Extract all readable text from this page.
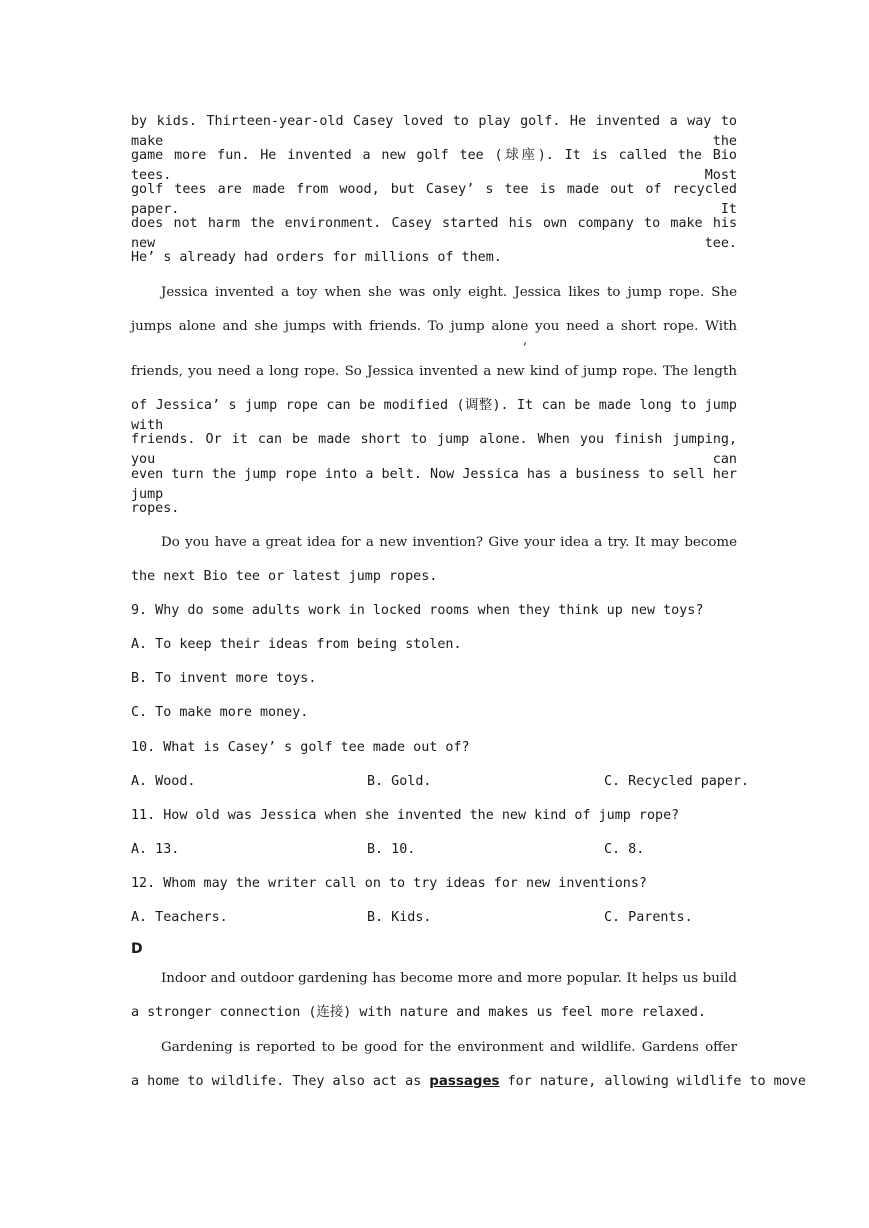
by kids. Thirteen-year-old Casey loved to play golf. He invented a way to make the
game more fun. He invented a new golf tee (球座). It is called the Bio tees. Most
golf tees are made from wood, but Casey’ s tee is made out of recycled paper. It
does not harm the environment. Casey started his own company to make his new tee.
He’ s already had orders for millions of them.
Jessica invented a toy when she was only eight. Jessica likes to jump rope. She
jumps alone and she jumps with friends. To jump alone you need a short rope. With
,
friends, you need a long rope. So Jessica invented a new kind of jump rope. The length
of Jessica’ s jump rope can be modified (调整). It can be made long to jump with
friends. Or it can be made short to jump alone. When you finish jumping, you can
even turn the jump rope into a belt. Now Jessica has a business to sell her jump
ropes.
Do you have a great idea for a new invention? Give your idea a try. It may become
the next Bio tee or latest jump ropes.
9. Why do some adults work in locked rooms when they think up new toys?
A. To keep their ideas from being stolen.
B. To invent more toys.
C. To make more money.
10. What is Casey’ s golf tee made out of?
A. Wood.	B. Gold.	C. Recycled paper.
11. How old was Jessica when she invented the new kind of jump rope?
A. 13.	B. 10.	C. 8.
12. Whom may the writer call on to try ideas for new inventions?
A. Teachers.	B. Kids.	C. Parents.
D
Indoor and outdoor gardening has become more and more popular. It helps us build
a stronger connection (连接) with nature and makes us feel more relaxed.
Gardening is reported to be good for the environment and wildlife. Gardens offer
a home to wildlife. They also act as passages for nature, allowing wildlife to move
